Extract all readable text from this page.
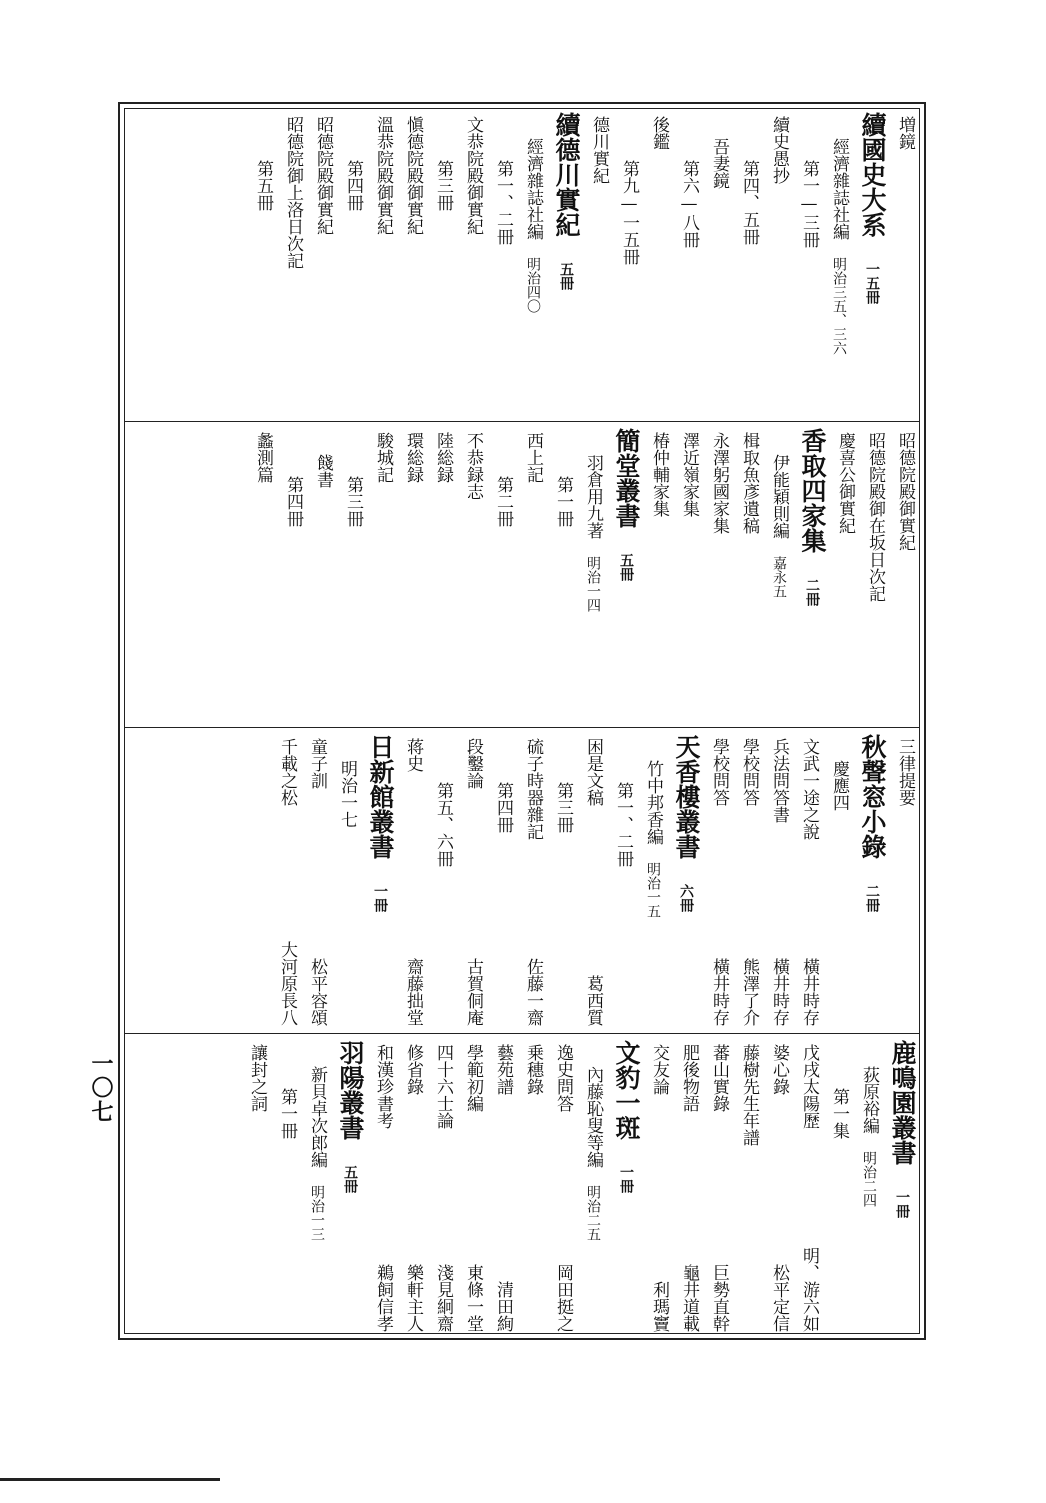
増鏡
續國史大系　一五冊
經濟雜誌社編　明治三五、三六
第一—三冊
續史愚抄
第四、五冊
吾妻鏡
第六—八冊
後鑑
第九—一五冊
德川實紀
續德川實紀　五冊
經濟雜誌社編　明治四〇
第一、二冊
文恭院殿御實紀
第三冊
愼德院殿御實紀
溫恭院殿御實紀
第四冊
昭德院殿御實紀
昭德院御上洛日次記
第五冊
昭德院殿御實紀
昭德院殿御在坂日次記
慶喜公御實紀
香取四家集　二冊
伊能穎則編　嘉永五
楫取魚彥遺稿
永澤躬國家集
澤近嶺家集
椿仲輔家集
簡堂叢書　五冊
羽倉用九著　明治一四
第一冊
西上記
第二冊
不恭録志
陸総録
環総録
駿城記
第三冊
餞書
第四冊
蠡測篇
三律提要
秋聲窓小錄　二冊
慶應四
文武一途之說
橫井時存
兵法問答書
橫井時存
學校問答
熊澤了介
學校問答
橫井時存
天香樓叢書　六冊
竹中邦香編　明治一五
第一、二冊
困是文稿
葛西質
第三冊
硫子時器雜記
佐藤一齋
第四冊
段鑿論
古賀侗庵
第五、六冊
蒋史
齋藤拙堂
日新館叢書　一冊
明治一七
童子訓
松平容頌
千載之松
大河原長八
鹿鳴園叢書　一冊
荻原裕編　明治二四
第一集
戊戌太陽歷
明、游六如
婆心錄
松平定信
藤樹先生年譜
蕃山實錄
巨勢直幹
肥後物語
龜井道載
交友論
利瑪竇
文豹一斑　一冊
內藤恥叟等編　明治二五
逸史問答
岡田挺之
乗穗錄
藝苑譜
清田絢
學範初編
東條一堂
四十六士論
淺見絅齋
修省錄
樂軒主人
和漢珍書考
鵜飼信孝
羽陽叢書　五冊
新貝卓次郎編　明治一三
第一冊
讓封之詞
一〇七
